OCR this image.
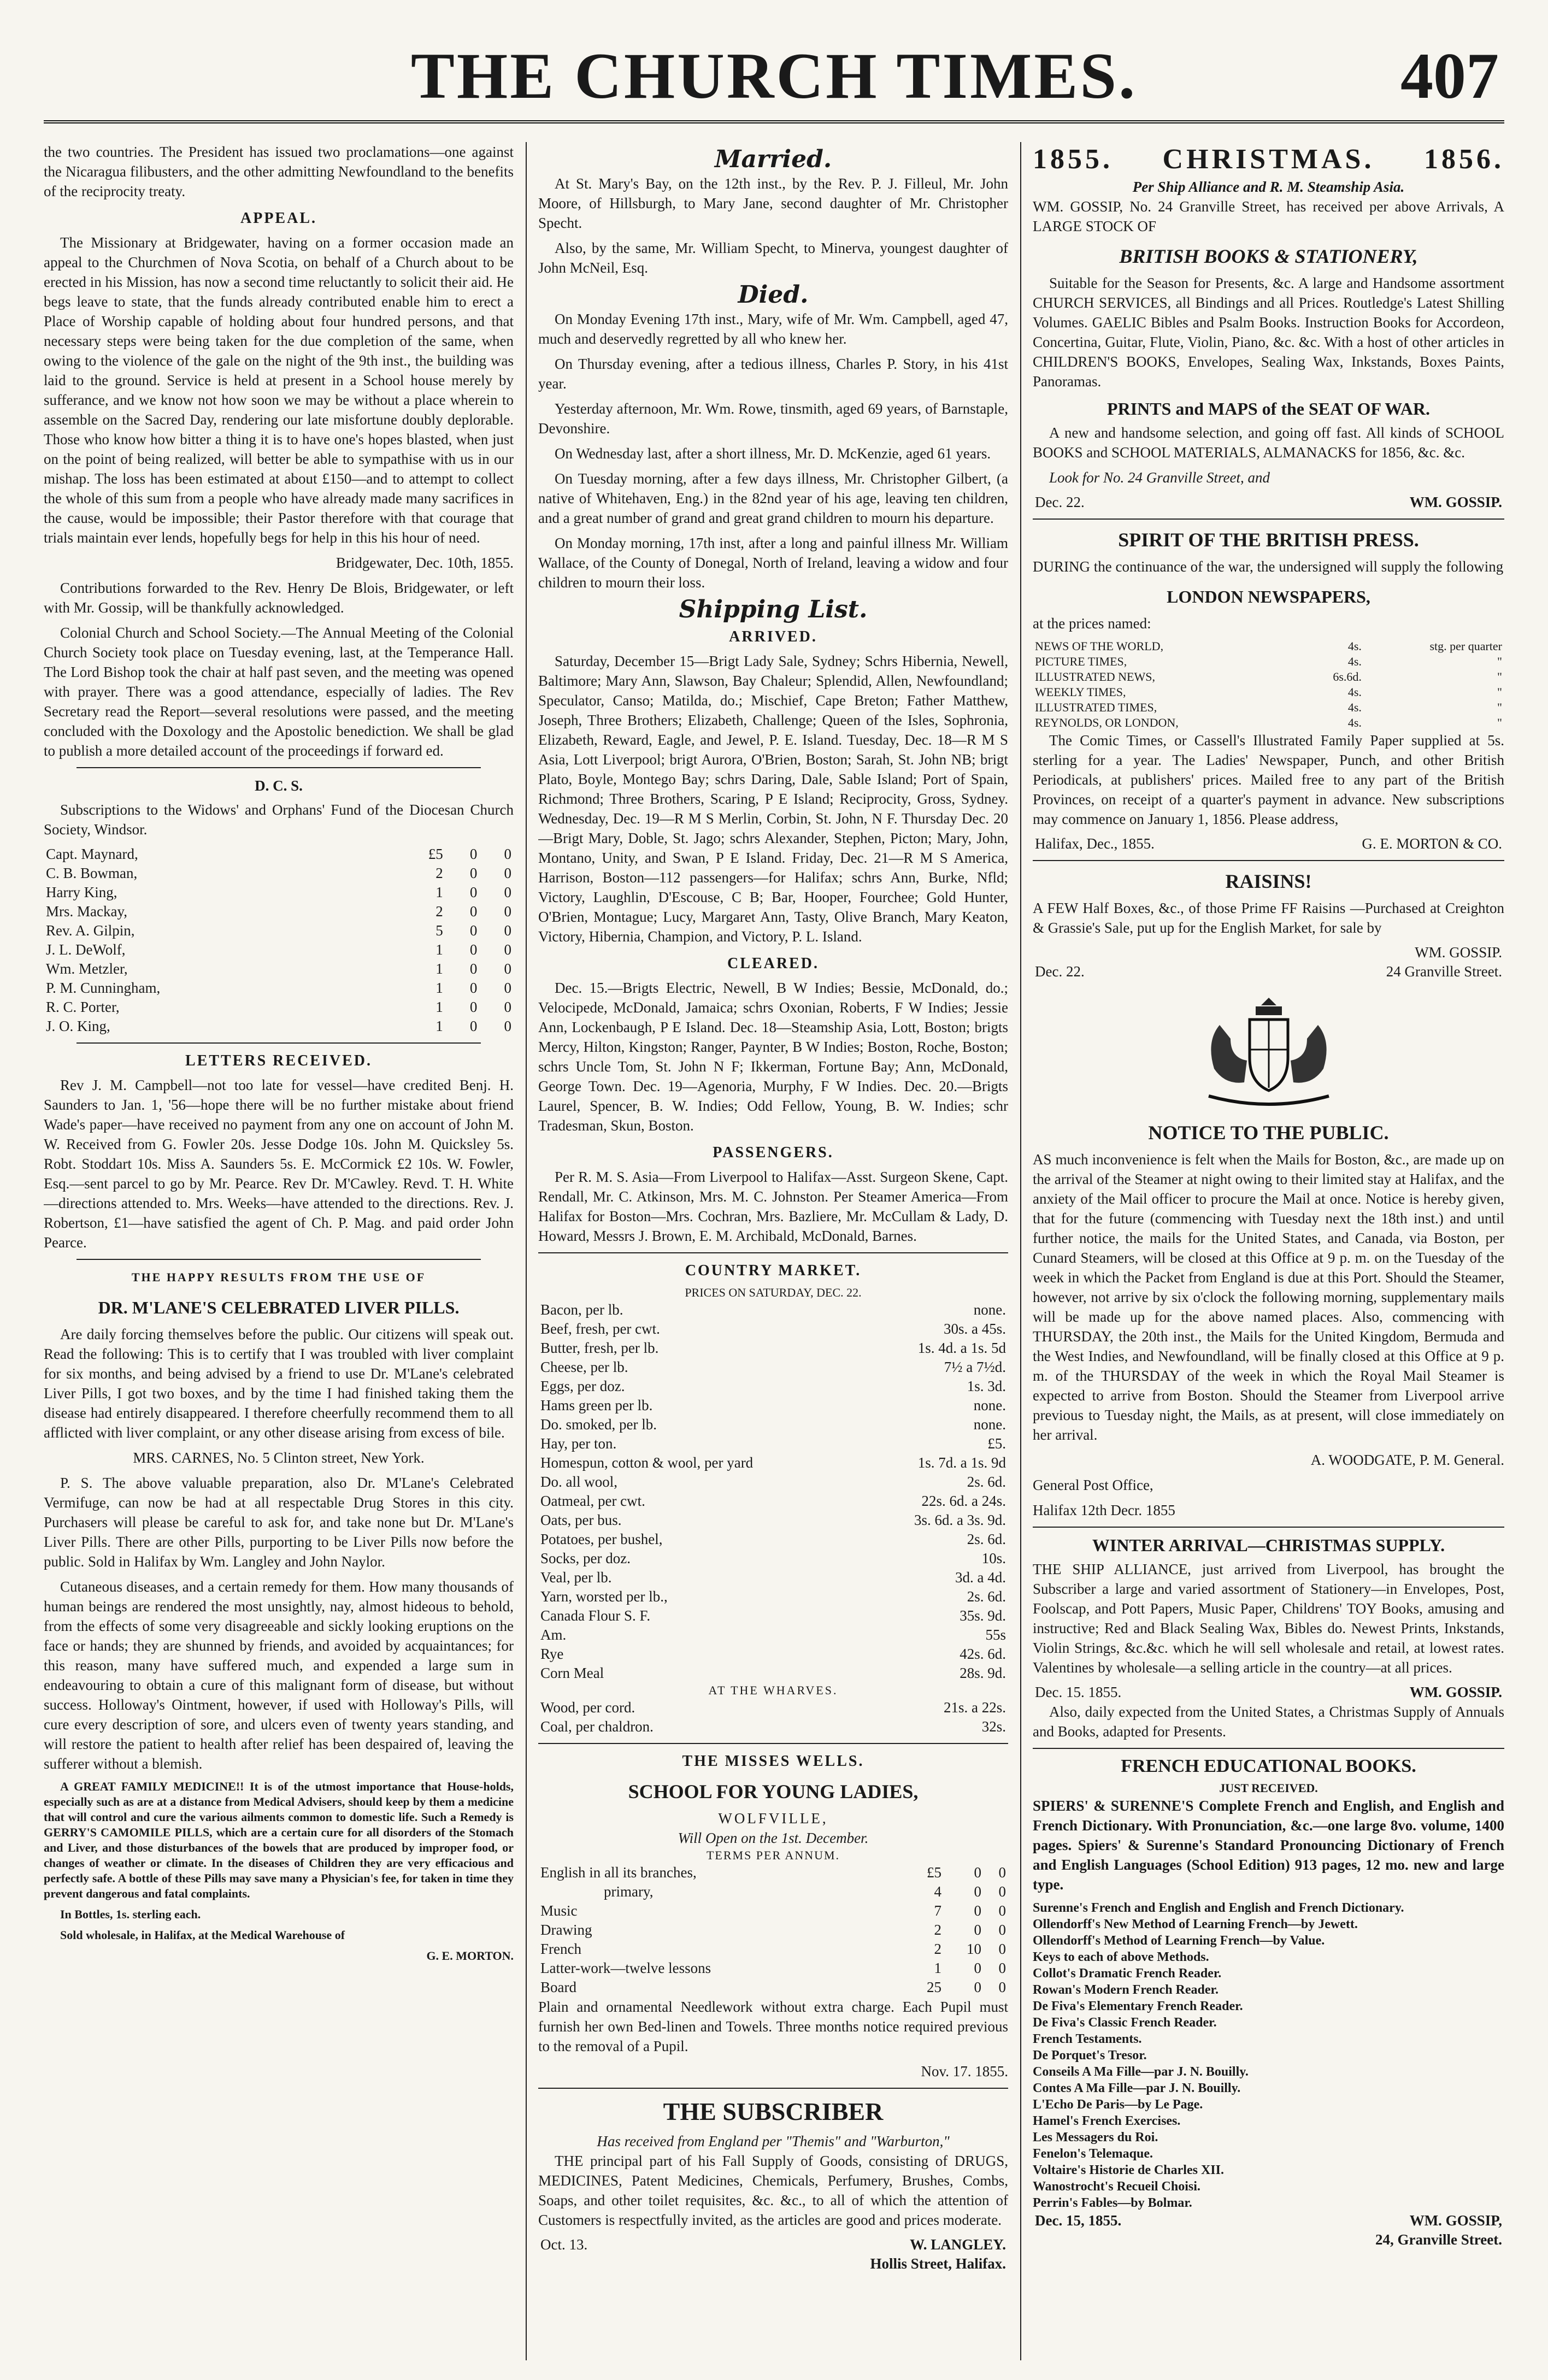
THE CHURCH TIMES.	407

the two countries. The President has issued two proclamations—one against the Nicaragua filibusters, and the other admitting Newfoundland to the benefits of the reciprocity treaty.

APPEAL.

The Missionary at Bridgewater, having on a former occasion made an appeal to the Churchmen of Nova Scotia, on behalf of a Church about to be erected in his Mission, has now a second time reluctantly to solicit their aid. He begs leave to state, that the funds already contributed enable him to erect a Place of Worship capable of holding about four hundred persons, and that necessary steps were being taken for the due completion of the same, when owing to the violence of the gale on the night of the 9th inst., the building was laid to the ground. Service is held at present in a School house merely by sufferance, and we know not how soon we may be without a place wherein to assemble on the Sacred Day, rendering our late misfortune doubly deplorable. Those who know how bitter a thing it is to have one's hopes blasted, when just on the point of being realized, will better be able to sympathise with us in our mishap. The loss has been estimated at about £150—and to attempt to collect the whole of this sum from a people who have already made many sacrifices in the cause, would be impossible; their Pastor therefore with that courage that trials maintain ever lends, hopefully begs for help in this his hour of need.

Bridgewater, Dec. 10th, 1855.

Contributions forwarded to the Rev. Henry De Blois, Bridgewater, or left with Mr. Gossip, will be thankfully acknowledged.

Colonial Church and School Society.—The Annual Meeting of the Colonial Church Society took place on Tuesday evening, last, at the Temperance Hall. The Lord Bishop took the chair at half past seven, and the meeting was opened with prayer. There was a good attendance, especially of ladies. The Rev Secretary read the Report—several resolutions were passed, and the meeting concluded with the Doxology and the Apostolic benediction. We shall be glad to publish a more detailed account of the proceedings if forward ed.

D. C. S.

Subscriptions to the Widows' and Orphans' Fund of the Diocesan Church Society, Windsor.

Capt. Maynard,	£5	0	0
C. B. Bowman,	2	0	0
Harry King,	1	0	0
Mrs. Mackay,	2	0	0
Rev. A. Gilpin,	5	0	0
J. L. DeWolf,	1	0	0
Wm. Metzler,	1	0	0
P. M. Cunningham,	1	0	0
R. C. Porter,	1	0	0
J. O. King,	1	0	0
LETTERS RECEIVED.

Rev J. M. Campbell—not too late for vessel—have credited Benj. H. Saunders to Jan. 1, '56—hope there will be no further mistake about friend Wade's paper—have received no payment from any one on account of John M. W. Received from G. Fowler 20s. Jesse Dodge 10s. John M. Quicksley 5s. Robt. Stoddart 10s. Miss A. Saunders 5s. E. McCormick £2 10s. W. Fowler, Esq.—sent parcel to go by Mr. Pearce. Rev Dr. M'Cawley. Revd. T. H. White—directions attended to. Mrs. Weeks—have attended to the directions. Rev. J. Robertson, £1—have satisfied the agent of Ch. P. Mag. and paid order John Pearce.

THE HAPPY RESULTS FROM THE USE OF
DR. M'LANE'S CELEBRATED LIVER PILLS.

Are daily forcing themselves before the public. Our citizens will speak out. Read the following: This is to certify that I was troubled with liver complaint for six months, and being advised by a friend to use Dr. M'Lane's celebrated Liver Pills, I got two boxes, and by the time I had finished taking them the disease had entirely disappeared. I therefore cheerfully recommend them to all afflicted with liver complaint, or any other disease arising from excess of bile.

MRS. CARNES, No. 5 Clinton street, New York.

P. S. The above valuable preparation, also Dr. M'Lane's Celebrated Vermifuge, can now be had at all respectable Drug Stores in this city. Purchasers will please be careful to ask for, and take none but Dr. M'Lane's Liver Pills. There are other Pills, purporting to be Liver Pills now before the public. Sold in Halifax by Wm. Langley and John Naylor.

Cutaneous diseases, and a certain remedy for them. How many thousands of human beings are rendered the most unsightly, nay, almost hideous to behold, from the effects of some very disagreeable and sickly looking eruptions on the face or hands; they are shunned by friends, and avoided by acquaintances; for this reason, many have suffered much, and expended a large sum in endeavouring to obtain a cure of this malignant form of disease, but without success. Holloway's Ointment, however, if used with Holloway's Pills, will cure every description of sore, and ulcers even of twenty years standing, and will restore the patient to health after relief has been despaired of, leaving the sufferer without a blemish.

A GREAT FAMILY MEDICINE!! It is of the utmost importance that House-holds, especially such as are at a distance from Medical Advisers, should keep by them a medicine that will control and cure the various ailments common to domestic life. Such a Remedy is GERRY'S CAMOMILE PILLS, which are a certain cure for all disorders of the Stomach and Liver, and those disturbances of the bowels that are produced by improper food, or changes of weather or climate. In the diseases of Children they are very efficacious and perfectly safe. A bottle of these Pills may save many a Physician's fee, for taken in time they prevent dangerous and fatal complaints.

In Bottles, 1s. sterling each.

Sold wholesale, in Halifax, at the Medical Warehouse of

G. E. MORTON.

Married.

At St. Mary's Bay, on the 12th inst., by the Rev. P. J. Filleul, Mr. John Moore, of Hillsburgh, to Mary Jane, second daughter of Mr. Christopher Specht.

Also, by the same, Mr. William Specht, to Minerva, youngest daughter of John McNeil, Esq.

Died.

On Monday Evening 17th inst., Mary, wife of Mr. Wm. Campbell, aged 47, much and deservedly regretted by all who knew her.

On Thursday evening, after a tedious illness, Charles P. Story, in his 41st year.

Yesterday afternoon, Mr. Wm. Rowe, tinsmith, aged 69 years, of Barnstaple, Devonshire.

On Wednesday last, after a short illness, Mr. D. McKenzie, aged 61 years.

On Tuesday morning, after a few days illness, Mr. Christopher Gilbert, (a native of Whitehaven, Eng.) in the 82nd year of his age, leaving ten children, and a great number of grand and great grand children to mourn his departure.

On Monday morning, 17th inst, after a long and painful illness Mr. William Wallace, of the County of Donegal, North of Ireland, leaving a widow and four children to mourn their loss.

Shipping List.
ARRIVED.

Saturday, December 15—Brigt Lady Sale, Sydney; Schrs Hibernia, Newell, Baltimore; Mary Ann, Slawson, Bay Chaleur; Splendid, Allen, Newfoundland; Speculator, Canso; Matilda, do.; Mischief, Cape Breton; Father Matthew, Joseph, Three Brothers; Elizabeth, Challenge; Queen of the Isles, Sophronia, Elizabeth, Reward, Eagle, and Jewel, P. E. Island. Tuesday, Dec. 18—R M S Asia, Lott Liverpool; brigt Aurora, O'Brien, Boston; Sarah, St. John NB; brigt Plato, Boyle, Montego Bay; schrs Daring, Dale, Sable Island; Port of Spain, Richmond; Three Brothers, Scaring, P E Island; Reciprocity, Gross, Sydney. Wednesday, Dec. 19—R M S Merlin, Corbin, St. John, N F. Thursday Dec. 20—Brigt Mary, Doble, St. Jago; schrs Alexander, Stephen, Picton; Mary, John, Montano, Unity, and Swan, P E Island. Friday, Dec. 21—R M S America, Harrison, Boston—112 passengers—for Halifax; schrs Ann, Burke, Nfld; Victory, Laughlin, D'Escouse, C B; Bar, Hooper, Fourchee; Gold Hunter, O'Brien, Montague; Lucy, Margaret Ann, Tasty, Olive Branch, Mary Keaton, Victory, Hibernia, Champion, and Victory, P. L. Island.

CLEARED.

Dec. 15.—Brigts Electric, Newell, B W Indies; Bessie, McDonald, do.; Velocipede, McDonald, Jamaica; schrs Oxonian, Roberts, F W Indies; Jessie Ann, Lockenbaugh, P E Island. Dec. 18—Steamship Asia, Lott, Boston; brigts Mercy, Hilton, Kingston; Ranger, Paynter, B W Indies; Boston, Roche, Boston; schrs Uncle Tom, St. John N F; Ikkerman, Fortune Bay; Ann, McDonald, George Town. Dec. 19—Agenoria, Murphy, F W Indies. Dec. 20.—Brigts Laurel, Spencer, B. W. Indies; Odd Fellow, Young, B. W. Indies; schr Tradesman, Skun, Boston.

PASSENGERS.

Per R. M. S. Asia—From Liverpool to Halifax—Asst. Surgeon Skene, Capt. Rendall, Mr. C. Atkinson, Mrs. M. C. Johnston. Per Steamer America—From Halifax for Boston—Mrs. Cochran, Mrs. Bazliere, Mr. McCullam & Lady, D. Howard, Messrs J. Brown, E. M. Archibald, McDonald, Barnes.

COUNTRY MARKET.
PRICES ON SATURDAY, DEC. 22.
Bacon, per lb.	none.
Beef, fresh, per cwt.	30s. a 45s.
Butter, fresh, per lb.	1s. 4d. a 1s. 5d
Cheese, per lb.	7½ a 7½d.
Eggs, per doz.	1s. 3d.
Hams green per lb.	none.
Do. smoked, per lb.	none.
Hay, per ton.	£5.
Homespun, cotton & wool, per yard	1s. 7d. a 1s. 9d
Do. all wool,	2s. 6d.
Oatmeal, per cwt.	22s. 6d. a 24s.
Oats, per bus.	3s. 6d. a 3s. 9d.
Potatoes, per bushel,	2s. 6d.
Socks, per doz.	10s.
Veal, per lb.	3d. a 4d.
Yarn, worsted per lb.,	2s. 6d.
Canada Flour S. F.	35s. 9d.
Am.	55s
Rye	42s. 6d.
Corn Meal	28s. 9d.
AT THE WHARVES.
Wood, per cord.	21s. a 22s.
Coal, per chaldron.	32s.
THE MISSES WELLS.
SCHOOL FOR YOUNG LADIES,
WOLFVILLE,
Will Open on the 1st. December.
TERMS PER ANNUM.
English in all its branches,	£5	0	0
primary,	4	0	0
Music	7	0	0
Drawing	2	0	0
French	2	10	0
Latter-work—twelve lessons	1	0	0
Board	25	0	0

Plain and ornamental Needlework without extra charge. Each Pupil must furnish her own Bed-linen and Towels. Three months notice required previous to the removal of a Pupil.

Nov. 17. 1855.

THE SUBSCRIBER
Has received from England per "Themis" and "Warburton,"

THE principal part of his Fall Supply of Goods, consisting of DRUGS, MEDICINES, Patent Medicines, Chemicals, Perfumery, Brushes, Combs, Soaps, and other toilet requisites, &c. &c., to all of which the attention of Customers is respectfully invited, as the articles are good and prices moderate.

Oct. 13.	W. LANGLEY.
	Hollis Street, Halifax.
1855. CHRISTMAS. 1856.
Per Ship Alliance and R. M. Steamship Asia.

WM. GOSSIP, No. 24 Granville Street, has received per above Arrivals, A LARGE STOCK OF

BRITISH BOOKS & STATIONERY,

Suitable for the Season for Presents, &c. A large and Handsome assortment CHURCH SERVICES, all Bindings and all Prices. Routledge's Latest Shilling Volumes. GAELIC Bibles and Psalm Books. Instruction Books for Accordeon, Concertina, Guitar, Flute, Violin, Piano, &c. &c. With a host of other articles in CHILDREN'S BOOKS, Envelopes, Sealing Wax, Inkstands, Boxes Paints, Panoramas.

PRINTS and MAPS of the SEAT OF WAR.

A new and handsome selection, and going off fast. All kinds of SCHOOL BOOKS and SCHOOL MATERIALS, ALMANACKS for 1856, &c. &c.

Look for No. 24 Granville Street, and

Dec. 22.	WM. GOSSIP.
SPIRIT OF THE BRITISH PRESS.

DURING the continuance of the war, the undersigned will supply the following

LONDON NEWSPAPERS,

at the prices named:

NEWS OF THE WORLD,	4s.	stg. per quarter
PICTURE TIMES,	4s.	"
ILLUSTRATED NEWS,	6s.6d.	"
WEEKLY TIMES,	4s.	"
ILLUSTRATED TIMES,	4s.	"
REYNOLDS, OR LONDON,	4s.	"

The Comic Times, or Cassell's Illustrated Family Paper supplied at 5s. sterling for a year. The Ladies' Newspaper, Punch, and other British Periodicals, at publishers' prices. Mailed free to any part of the British Provinces, on receipt of a quarter's payment in advance. New subscriptions may commence on January 1, 1856. Please address,

Halifax, Dec., 1855.	G. E. MORTON & CO.
RAISINS!

A FEW Half Boxes, &c., of those Prime FF Raisins —Purchased at Creighton & Grassie's Sale, put up for the English Market, for sale by

	WM. GOSSIP.
Dec. 22.	24 Granville Street.
NOTICE TO THE PUBLIC.

AS much inconvenience is felt when the Mails for Boston, &c., are made up on the arrival of the Steamer at night owing to their limited stay at Halifax, and the anxiety of the Mail officer to procure the Mail at once. Notice is hereby given, that for the future (commencing with Tuesday next the 18th inst.) and until further notice, the mails for the United States, and Canada, via Boston, per Cunard Steamers, will be closed at this Office at 9 p. m. on the Tuesday of the week in which the Packet from England is due at this Port. Should the Steamer, however, not arrive by six o'clock the following morning, supplementary mails will be made up for the above named places. Also, commencing with THURSDAY, the 20th inst., the Mails for the United Kingdom, Bermuda and the West Indies, and Newfoundland, will be finally closed at this Office at 9 p. m. of the THURSDAY of the week in which the Royal Mail Steamer is expected to arrive from Boston. Should the Steamer from Liverpool arrive previous to Tuesday night, the Mails, as at present, will close immediately on her arrival.

A. WOODGATE, P. M. General.

General Post Office,

Halifax 12th Decr. 1855

WINTER ARRIVAL—CHRISTMAS SUPPLY.

THE SHIP ALLIANCE, just arrived from Liverpool, has brought the Subscriber a large and varied assortment of Stationery—in Envelopes, Post, Foolscap, and Pott Papers, Music Paper, Childrens' TOY Books, amusing and instructive; Red and Black Sealing Wax, Bibles do. Newest Prints, Inkstands, Violin Strings, &c.&c. which he will sell wholesale and retail, at lowest rates. Valentines by wholesale—a selling article in the country—at all prices.

Dec. 15. 1855.	WM. GOSSIP.

Also, daily expected from the United States, a Christmas Supply of Annuals and Books, adapted for Presents.

FRENCH EDUCATIONAL BOOKS.
JUST RECEIVED.

SPIERS' & SURENNE'S Complete French and English, and English and French Dictionary. With Pronunciation, &c.—one large 8vo. volume, 1400 pages. Spiers' & Surenne's Standard Pronouncing Dictionary of French and English Languages (School Edition) 913 pages, 12 mo. new and large type.

Surenne's French and English and English and French Dictionary.
Ollendorff's New Method of Learning French—by Jewett.
Ollendorff's Method of Learning French—by Value.
Keys to each of above Methods.
Collot's Dramatic French Reader.
Rowan's Modern French Reader.
De Fiva's Elementary French Reader.
De Fiva's Classic French Reader.
French Testaments.
De Porquet's Tresor.
Conseils A Ma Fille—par J. N. Bouilly.
Contes A Ma Fille—par J. N. Bouilly.
L'Echo De Paris—by Le Page.
Hamel's French Exercises.
Les Messagers du Roi.
Fenelon's Telemaque.
Voltaire's Historie de Charles XII.
Wanostrocht's Recueil Choisi.
Perrin's Fables—by Bolmar.
Dec. 15, 1855.	WM. GOSSIP,
	24, Granville Street.
